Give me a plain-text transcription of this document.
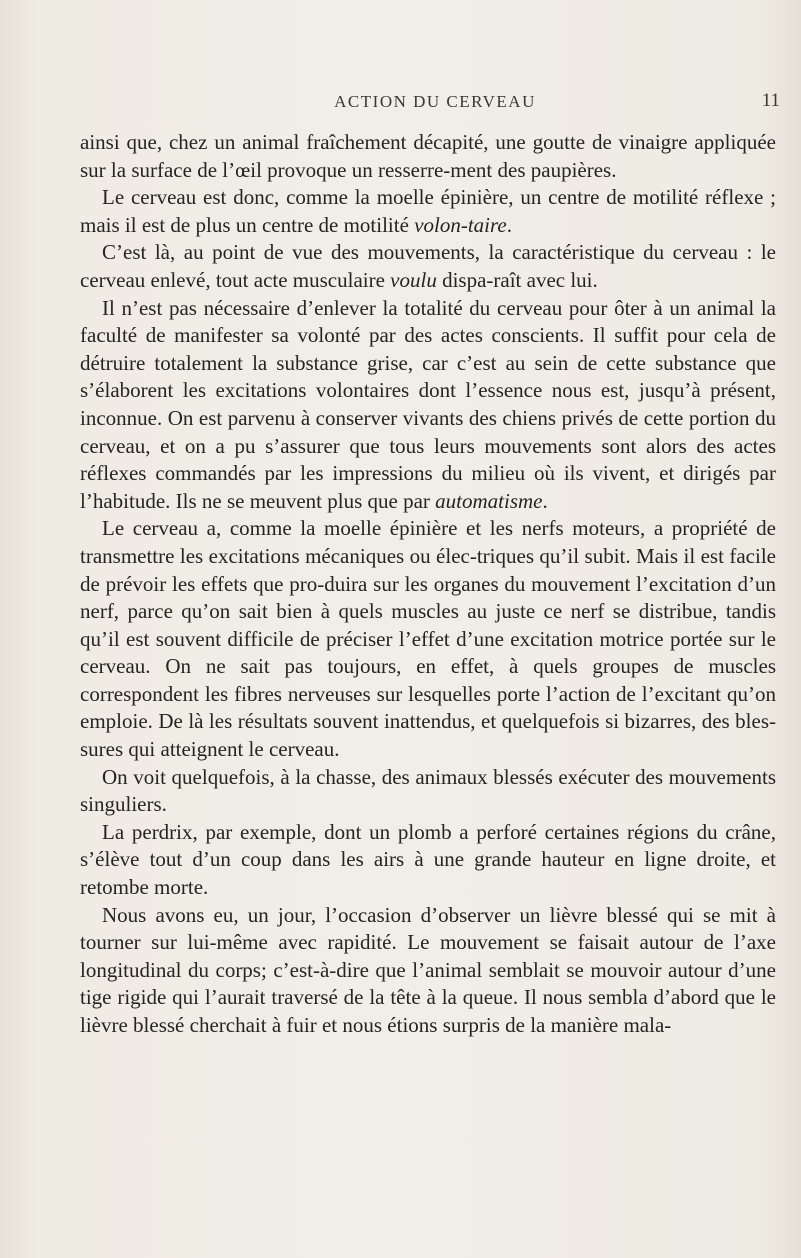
ACTION DU CERVEAU	11

ainsi que, chez un animal fraîchement décapité, une goutte de vinaigre appliquée sur la surface de l’œil provoque un resserre-ment des paupières.

Le cerveau est donc, comme la moelle épinière, un centre de motilité réflexe ; mais il est de plus un centre de motilité volon-taire.

C’est là, au point de vue des mouvements, la caractéristique du cerveau : le cerveau enlevé, tout acte musculaire voulu dispa-raît avec lui.

Il n’est pas nécessaire d’enlever la totalité du cerveau pour ôter à un animal la faculté de manifester sa volonté par des actes conscients. Il suffit pour cela de détruire totalement la substance grise, car c’est au sein de cette substance que s’élaborent les excitations volontaires dont l’essence nous est, jusqu’à présent, inconnue. On est parvenu à conserver vivants des chiens privés de cette portion du cerveau, et on a pu s’assurer que tous leurs mouvements sont alors des actes réflexes commandés par les impressions du milieu où ils vivent, et dirigés par l’habitude. Ils ne se meuvent plus que par automatisme.

Le cerveau a, comme la moelle épinière et les nerfs moteurs, a propriété de transmettre les excitations mécaniques ou élec-triques qu’il subit. Mais il est facile de prévoir les effets que pro-duira sur les organes du mouvement l’excitation d’un nerf, parce qu’on sait bien à quels muscles au juste ce nerf se distribue, tandis qu’il est souvent difficile de préciser l’effet d’une excitation motrice portée sur le cerveau. On ne sait pas toujours, en effet, à quels groupes de muscles correspondent les fibres nerveuses sur lesquelles porte l’action de l’excitant qu’on emploie. De là les résultats souvent inattendus, et quelquefois si bizarres, des bles-sures qui atteignent le cerveau.

On voit quelquefois, à la chasse, des animaux blessés exécuter des mouvements singuliers.

La perdrix, par exemple, dont un plomb a perforé certaines régions du crâne, s’élève tout d’un coup dans les airs à une grande hauteur en ligne droite, et retombe morte.

Nous avons eu, un jour, l’occasion d’observer un lièvre blessé qui se mit à tourner sur lui-même avec rapidité. Le mouvement se faisait autour de l’axe longitudinal du corps; c’est-à-dire que l’animal semblait se mouvoir autour d’une tige rigide qui l’aurait traversé de la tête à la queue. Il nous sembla d’abord que le lièvre blessé cherchait à fuir et nous étions surpris de la manière mala-
